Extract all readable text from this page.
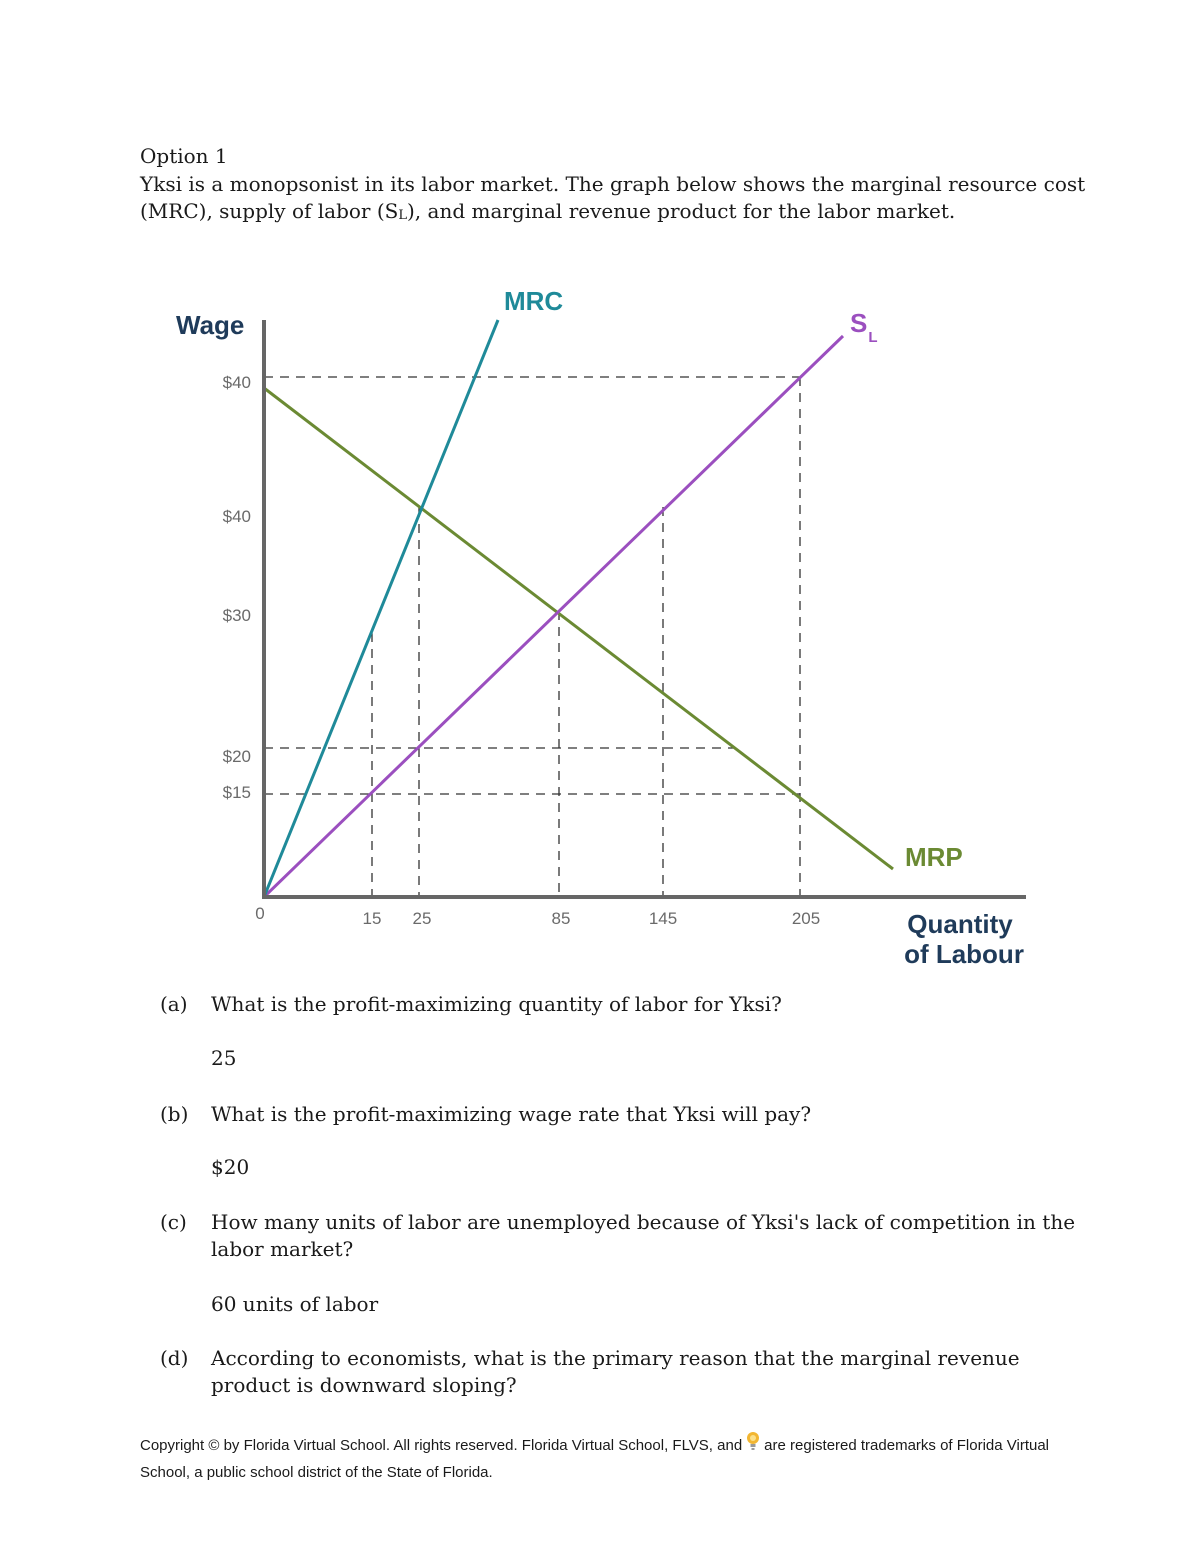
Option 1

Yksi is a monopsonist in its labor market. The graph below shows the marginal resource cost

(MRC), supply of labor (SL), and marginal revenue product for the labor market.

Wage
Quantity
of Labour
$40
$40
$30
$20
$15
0	15 25	85	145	205
MRC
$S_L$
MRP
(a) What is the profit-maximizing quantity of labor for Yksi?
25
(b) What is the profit-maximizing wage rate that Yksi will pay?
$20
(c) How many units of labor are unemployed because of Yksi's lack of competition in the labor market?
60 units of labor
(d) According to economists, what is the primary reason that the marginal revenue product is downward sloping?
Copyright © by Florida Virtual School. All rights reserved. Florida Virtual School, FLVS, and are registered trademarks of Florida Virtual School, a public school district of the State of Florida.
